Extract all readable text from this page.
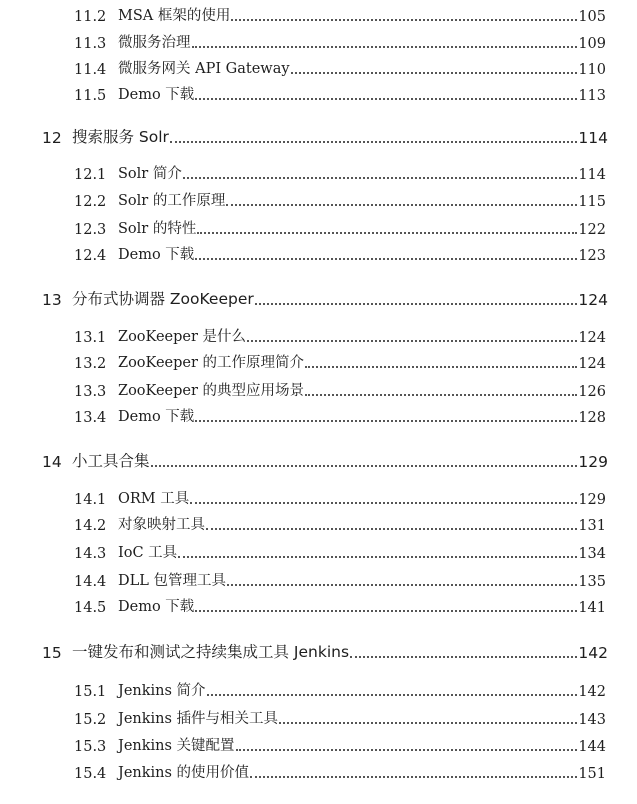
11.2 MSA 框架的使用	105
11.3 微服务治理	109
11.4 微服务网关 API Gateway	110
11.5 Demo 下载	113
12 搜索服务 Solr	114
12.1 Solr 简介	114
12.2 Solr 的工作原理	115
12.3 Solr 的特性	122
12.4 Demo 下载	123
13 分布式协调器 ZooKeeper	124
13.1 ZooKeeper 是什么	124
13.2 ZooKeeper 的工作原理简介	124
13.3 ZooKeeper 的典型应用场景	126
13.4 Demo 下载	128
14 小工具合集	129
14.1 ORM 工具	129
14.2 对象映射工具	131
14.3 IoC 工具	134
14.4 DLL 包管理工具	135
14.5 Demo 下载	141
15 一键发布和测试之持续集成工具 Jenkins	142
15.1 Jenkins 简介	142
15.2 Jenkins 插件与相关工具	143
15.3 Jenkins 关键配置	144
15.4 Jenkins 的使用价值	151
